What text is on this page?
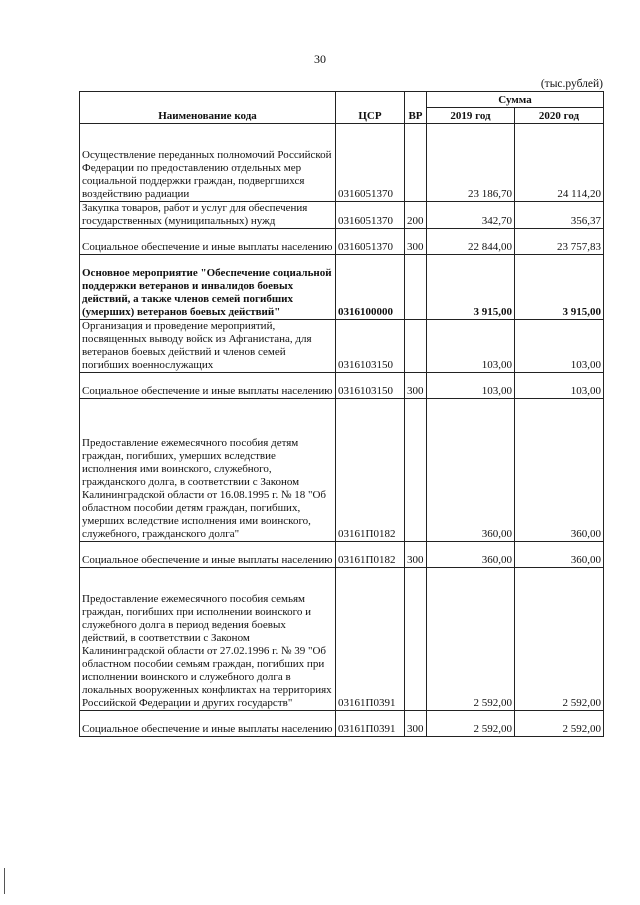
30
(тыс.рублей)
Наименование кода	ЦСР	ВР	Сумма	
			2019 год	2020 год
Осуществление переданных полномочий Российской Федерации по предоставлению отдельных мер социальной поддержки граждан, подвергшихся воздействию радиации	0316051370		23 186,70	24 114,20
Закупка товаров, работ и услуг для обеспечения государственных (муниципальных) нужд	0316051370	200	342,70	356,37
Социальное обеспечение и иные выплаты населению	0316051370	300	22 844,00	23 757,83
Основное мероприятие "Обеспечение социальной поддержки ветеранов и инвалидов боевых действий, а также членов семей погибших (умерших) ветеранов боевых действий"	0316100000		3 915,00	3 915,00
Организация и проведение мероприятий, посвященных выводу войск из Афганистана, для ветеранов боевых действий и членов семей погибших военнослужащих	0316103150		103,00	103,00
Социальное обеспечение и иные выплаты населению	0316103150	300	103,00	103,00
Предоставление ежемесячного пособия детям граждан, погибших, умерших вследствие исполнения ими воинского, служебного, гражданского долга, в соответствии с Законом Калининградской области от 16.08.1995 г. № 18 "Об областном пособии детям граждан, погибших, умерших вследствие исполнения ими воинского, служебного, гражданского долга"	03161П0182		360,00	360,00
Социальное обеспечение и иные выплаты населению	03161П0182	300	360,00	360,00
Предоставление ежемесячного пособия семьям граждан, погибших при исполнении воинского и служебного долга в период ведения боевых действий, в соответствии с Законом Калининградской области от 27.02.1996 г. № 39 "Об областном пособии семьям граждан, погибших при исполнении воинского и служебного долга в локальных вооруженных конфликтах на территориях Российской Федерации и других государств"	03161П0391		2 592,00	2 592,00
Социальное обеспечение и иные выплаты населению	03161П0391	300	2 592,00	2 592,00
